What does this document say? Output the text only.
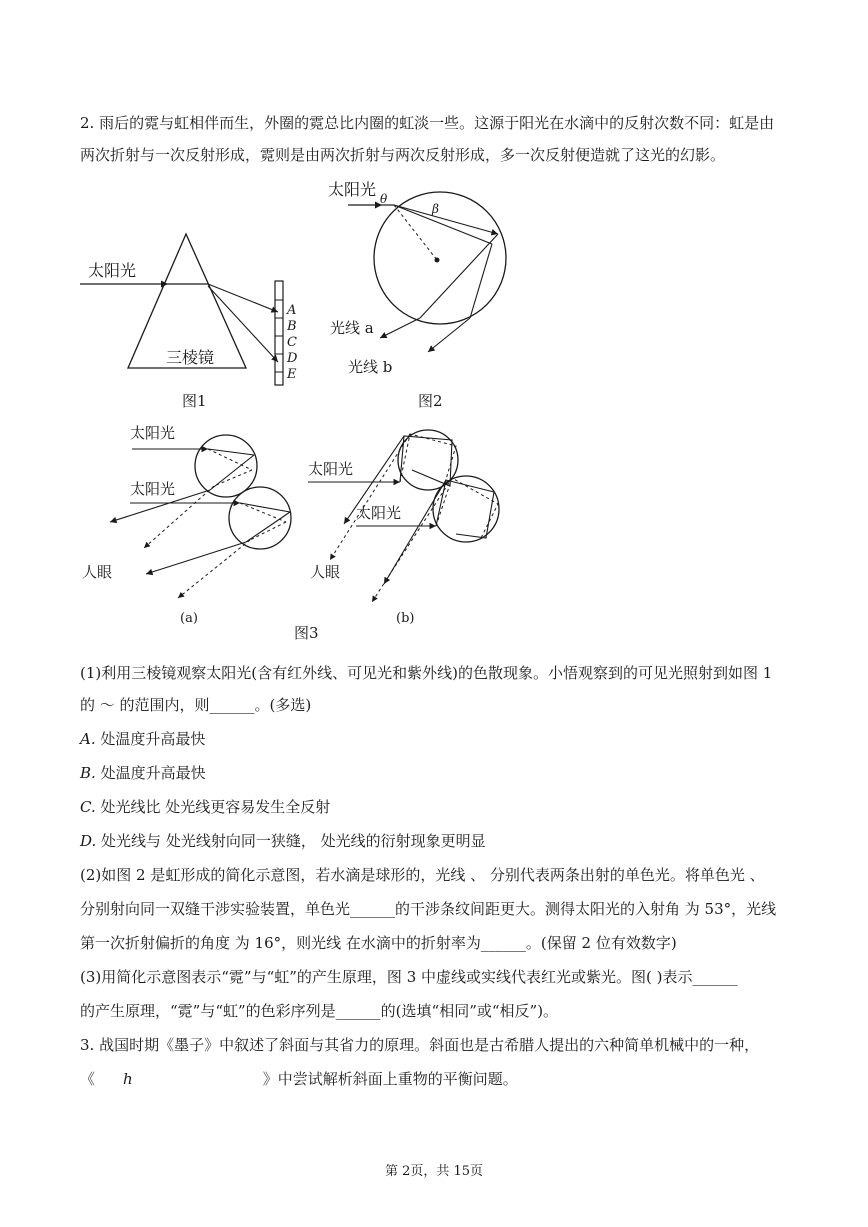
2. 雨后的霓与虹相伴而生，外圈的霓总比内圈的虹淡一些。这源于阳光在水滴中的反射次数不同：虹是由
两次折射与一次反射形成，霓则是由两次折射与两次反射形成，多一次反射便造就了这光的幻影。
太阳光
A
B
C
D
E
三棱镜
图1
太阳光 θ
β
光线 a
光线 b
图2
太阳光
太阳光
人眼
(a)
太阳光
太阳光
人眼
(b)
图3
(1)利用三棱镜观察太阳光(含有红外线、可见光和紫外线)的色散现象。小悟观察到的可见光照射到如图 1
的 ～ 的范围内，则______。(多选)
A. 处温度升高最快
B. 处温度升高最快
C. 处光线比 处光线更容易发生全反射
D. 处光线与 处光线射向同一狭缝， 处光线的衍射现象更明显
(2)如图 2 是虹形成的简化示意图，若水滴是球形的，光线 、 分别代表两条出射的单色光。将单色光 、
分别射向同一双缝干涉实验装置，单色光______的干涉条纹间距更大。测得太阳光的入射角 为 53°，光线
第一次折射偏折的角度 为 16°，则光线 在水滴中的折射率为______。(保留 2 位有效数字)
(3)用简化示意图表示“霓”与“虹”的产生原理，图 3 中虚线或实线代表红光或紫光。图( )表示______
的产生原理，“霓”与“虹”的色彩序列是______的(选填“相同”或“相反”)。
3. 战国时期《墨子》中叙述了斜面与其省力的原理。斜面也是古希腊人提出的六种简单机械中的一种，
《 h	》中尝试解析斜面上重物的平衡问题。
第 2页，共 15页
